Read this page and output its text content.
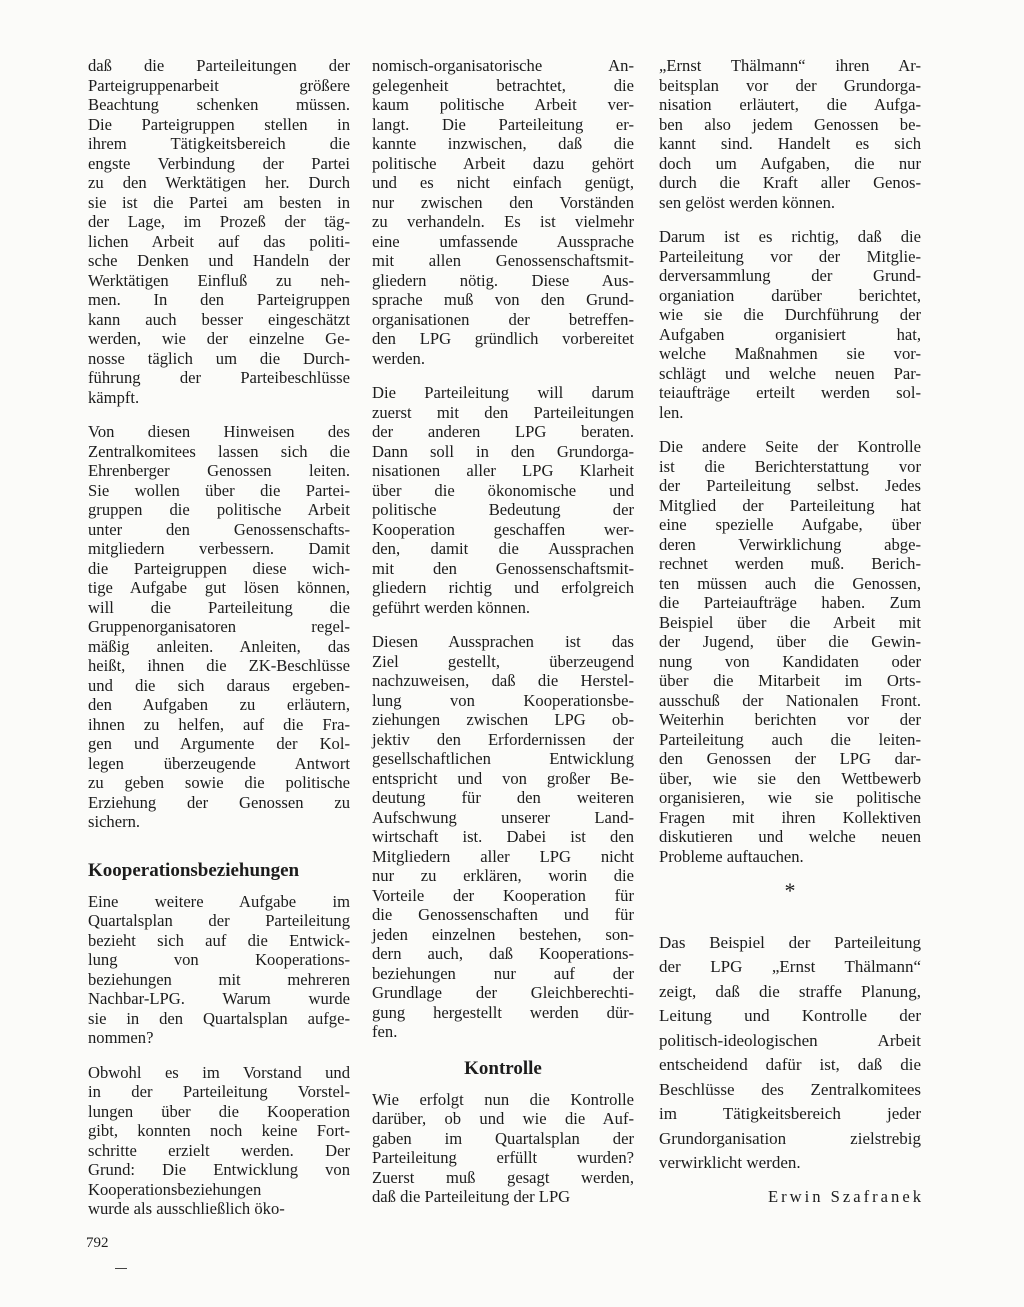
daß die Parteileitungen der
Parteigruppenarbeit größere
Beachtung schenken müssen.
Die Parteigruppen stellen in
ihrem Tätigkeitsbereich die
engste Verbindung der Partei
zu den Werktätigen her. Durch
sie ist die Partei am besten in
der Lage, im Prozeß der täg-
lichen Arbeit auf das politi-
sche Denken und Handeln der
Werktätigen Einfluß zu neh-
men. In den Parteigruppen
kann auch besser eingeschätzt
werden, wie der einzelne Ge-
nosse täglich um die Durch-
führung der Parteibeschlüsse
kämpft.
Von diesen Hinweisen des
Zentralkomitees lassen sich die
Ehrenberger Genossen leiten.
Sie wollen über die Partei-
gruppen die politische Arbeit
unter den Genossenschafts-
mitgliedern verbessern. Damit
die Parteigruppen diese wich-
tige Aufgabe gut lösen können,
will die Parteileitung die
Gruppenorganisatoren regel-
mäßig anleiten. Anleiten, das
heißt, ihnen die ZK-Beschlüsse
und die sich daraus ergeben-
den Aufgaben zu erläutern,
ihnen zu helfen, auf die Fra-
gen und Argumente der Kol-
legen überzeugende Antwort
zu geben sowie die politische
Erziehung der Genossen zu
sichern.
Kooperationsbeziehungen
Eine weitere Aufgabe im
Quartalsplan der Parteileitung
bezieht sich auf die Entwick-
lung von Kooperations-
beziehungen mit mehreren
Nachbar-LPG. Warum wurde
sie in den Quartalsplan aufge-
nommen?
Obwohl es im Vorstand und
in der Parteileitung Vorstel-
lungen über die Kooperation
gibt, konnten noch keine Fort-
schritte erzielt werden. Der
Grund: Die Entwicklung von
Kooperationsbeziehungen
wurde als ausschließlich öko-
nomisch-organisatorische An-
gelegenheit betrachtet, die
kaum politische Arbeit ver-
langt. Die Parteileitung er-
kannte inzwischen, daß die
politische Arbeit dazu gehört
und es nicht einfach genügt,
nur zwischen den Vorständen
zu verhandeln. Es ist vielmehr
eine umfassende Aussprache
mit allen Genossenschaftsmit-
gliedern nötig. Diese Aus-
sprache muß von den Grund-
organisationen der betreffen-
den LPG gründlich vorbereitet
werden.
Die Parteileitung will darum
zuerst mit den Parteileitungen
der anderen LPG beraten.
Dann soll in den Grundorga-
nisationen aller LPG Klarheit
über die ökonomische und
politische Bedeutung der
Kooperation geschaffen wer-
den, damit die Aussprachen
mit den Genossenschaftsmit-
gliedern richtig und erfolgreich
geführt werden können.
Diesen Aussprachen ist das
Ziel gestellt, überzeugend
nachzuweisen, daß die Herstel-
lung von Kooperationsbe-
ziehungen zwischen LPG ob-
jektiv den Erfordernissen der
gesellschaftlichen Entwicklung
entspricht und von großer Be-
deutung für den weiteren
Aufschwung unserer Land-
wirtschaft ist. Dabei ist den
Mitgliedern aller LPG nicht
nur zu erklären, worin die
Vorteile der Kooperation für
die Genossenschaften und für
jeden einzelnen bestehen, son-
dern auch, daß Kooperations-
beziehungen nur auf der
Grundlage der Gleichberechti-
gung hergestellt werden dür-
fen.
Kontrolle
Wie erfolgt nun die Kontrolle
darüber, ob und wie die Auf-
gaben im Quartalsplan der
Parteileitung erfüllt wurden?
Zuerst muß gesagt werden,
daß die Parteileitung der LPG
„Ernst Thälmann“ ihren Ar-
beitsplan vor der Grundorga-
nisation erläutert, die Aufga-
ben also jedem Genossen be-
kannt sind. Handelt es sich
doch um Aufgaben, die nur
durch die Kraft aller Genos-
sen gelöst werden können.
Darum ist es richtig, daß die
Parteileitung vor der Mitglie-
derversammlung der Grund-
organiation darüber berichtet,
wie sie die Durchführung der
Aufgaben organisiert hat,
welche Maßnahmen sie vor-
schlägt und welche neuen Par-
teiaufträge erteilt werden sol-
len.
Die andere Seite der Kontrolle
ist die Berichterstattung vor
der Parteileitung selbst. Jedes
Mitglied der Parteileitung hat
eine spezielle Aufgabe, über
deren Verwirklichung abge-
rechnet werden muß. Berich-
ten müssen auch die Genossen,
die Parteiaufträge haben. Zum
Beispiel über die Arbeit mit
der Jugend, über die Gewin-
nung von Kandidaten oder
über die Mitarbeit im Orts-
ausschuß der Nationalen Front.
Weiterhin berichten vor der
Parteileitung auch die leiten-
den Genossen der LPG dar-
über, wie sie den Wettbewerb
organisieren, wie sie politische
Fragen mit ihren Kollektiven
diskutieren und welche neuen
Probleme auftauchen.
*
Das Beispiel der Parteileitung
der LPG „Ernst Thälmann“
zeigt, daß die straffe Planung,
Leitung und Kontrolle der
politisch-ideologischen Arbeit
entscheidend dafür ist, daß die
Beschlüsse des Zentralkomitees
im Tätigkeitsbereich jeder
Grundorganisation zielstrebig
verwirklicht werden.
Erwin Szafranek
792
